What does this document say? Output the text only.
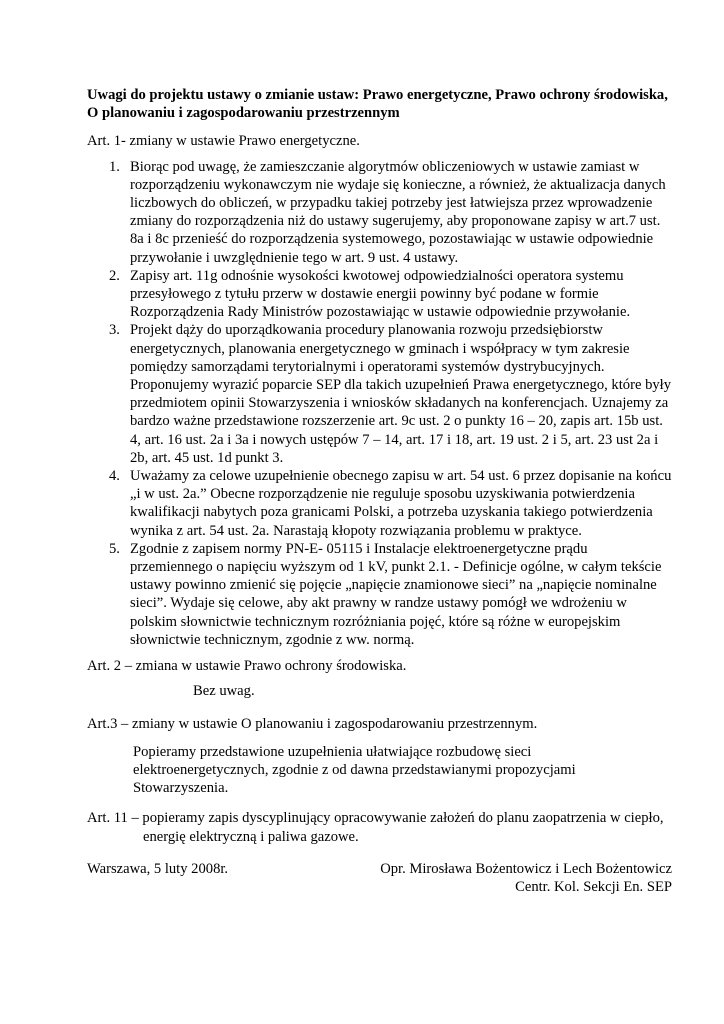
Uwagi do projektu ustawy o zmianie ustaw: Prawo energetyczne, Prawo ochrony środowiska, O planowaniu i zagospodarowaniu przestrzennym

Art. 1- zmiany w ustawie Prawo energetyczne.

1. Biorąc pod uwagę, że zamieszczanie algorytmów obliczeniowych w ustawie zamiast w rozporządzeniu wykonawczym nie wydaje się konieczne, a również, że aktualizacja danych liczbowych do obliczeń, w przypadku takiej potrzeby jest łatwiejsza przez wprowadzenie zmiany do rozporządzenia niż do ustawy sugerujemy, aby proponowane zapisy w art.7 ust. 8a i 8c przenieść do rozporządzenia systemowego, pozostawiając w ustawie odpowiednie przywołanie i uwzględnienie tego w art. 9 ust. 4 ustawy.
2. Zapisy art. 11g odnośnie wysokości kwotowej odpowiedzialności operatora systemu przesyłowego z tytułu przerw w dostawie energii powinny być podane w formie Rozporządzenia Rady Ministrów pozostawiając w ustawie odpowiednie przywołanie.
3. Projekt dąży do uporządkowania procedury planowania rozwoju przedsiębiorstw energetycznych, planowania energetycznego w gminach i współpracy w tym zakresie pomiędzy samorządami terytorialnymi i operatorami systemów dystrybucyjnych. Proponujemy wyrazić poparcie SEP dla takich uzupełnień Prawa energetycznego, które były przedmiotem opinii Stowarzyszenia i wniosków składanych na konferencjach. Uznajemy za bardzo ważne przedstawione rozszerzenie art. 9c ust. 2 o punkty 16 – 20, zapis art. 15b ust. 4, art. 16 ust. 2a i 3a i nowych ustępów 7 – 14, art. 17 i 18, art. 19 ust. 2 i 5, art. 23 ust 2a i 2b, art. 45 ust. 1d punkt 3.
4. Uważamy za celowe uzupełnienie obecnego zapisu w art. 54 ust. 6 przez dopisanie na końcu „i w ust. 2a.” Obecne rozporządzenie nie reguluje sposobu uzyskiwania potwierdzenia kwalifikacji nabytych poza granicami Polski, a potrzeba uzyskania takiego potwierdzenia wynika z art. 54 ust. 2a. Narastają kłopoty rozwiązania problemu w praktyce.
5. Zgodnie z zapisem normy PN-E- 05115 i Instalacje elektroenergetyczne prądu przemiennego o napięciu wyższym od 1 kV, punkt 2.1. - Definicje ogólne, w całym tekście ustawy powinno zmienić się pojęcie „napięcie znamionowe sieci” na „napięcie nominalne sieci”. Wydaje się celowe, aby akt prawny w randze ustawy pomógł we wdrożeniu w polskim słownictwie technicznym rozróżniania pojęć, które są różne w europejskim słownictwie technicznym, zgodnie z ww. normą.

Art. 2 – zmiana w ustawie Prawo ochrony środowiska.

Bez uwag.

Art.3 – zmiany w ustawie O planowaniu i zagospodarowaniu przestrzennym.

Popieramy przedstawione uzupełnienia ułatwiające rozbudowę sieci elektroenergetycznych, zgodnie z od dawna przedstawianymi propozycjami Stowarzyszenia.

Art. 11 – popieramy zapis dyscyplinujący opracowywanie założeń do planu zaopatrzenia w ciepło, energię elektryczną i paliwa gazowe.

Warszawa, 5 luty 2008r.	Opr. Mirosława Bożentowicz i Lech Bożentowicz
Centr. Kol. Sekcji En. SEP
